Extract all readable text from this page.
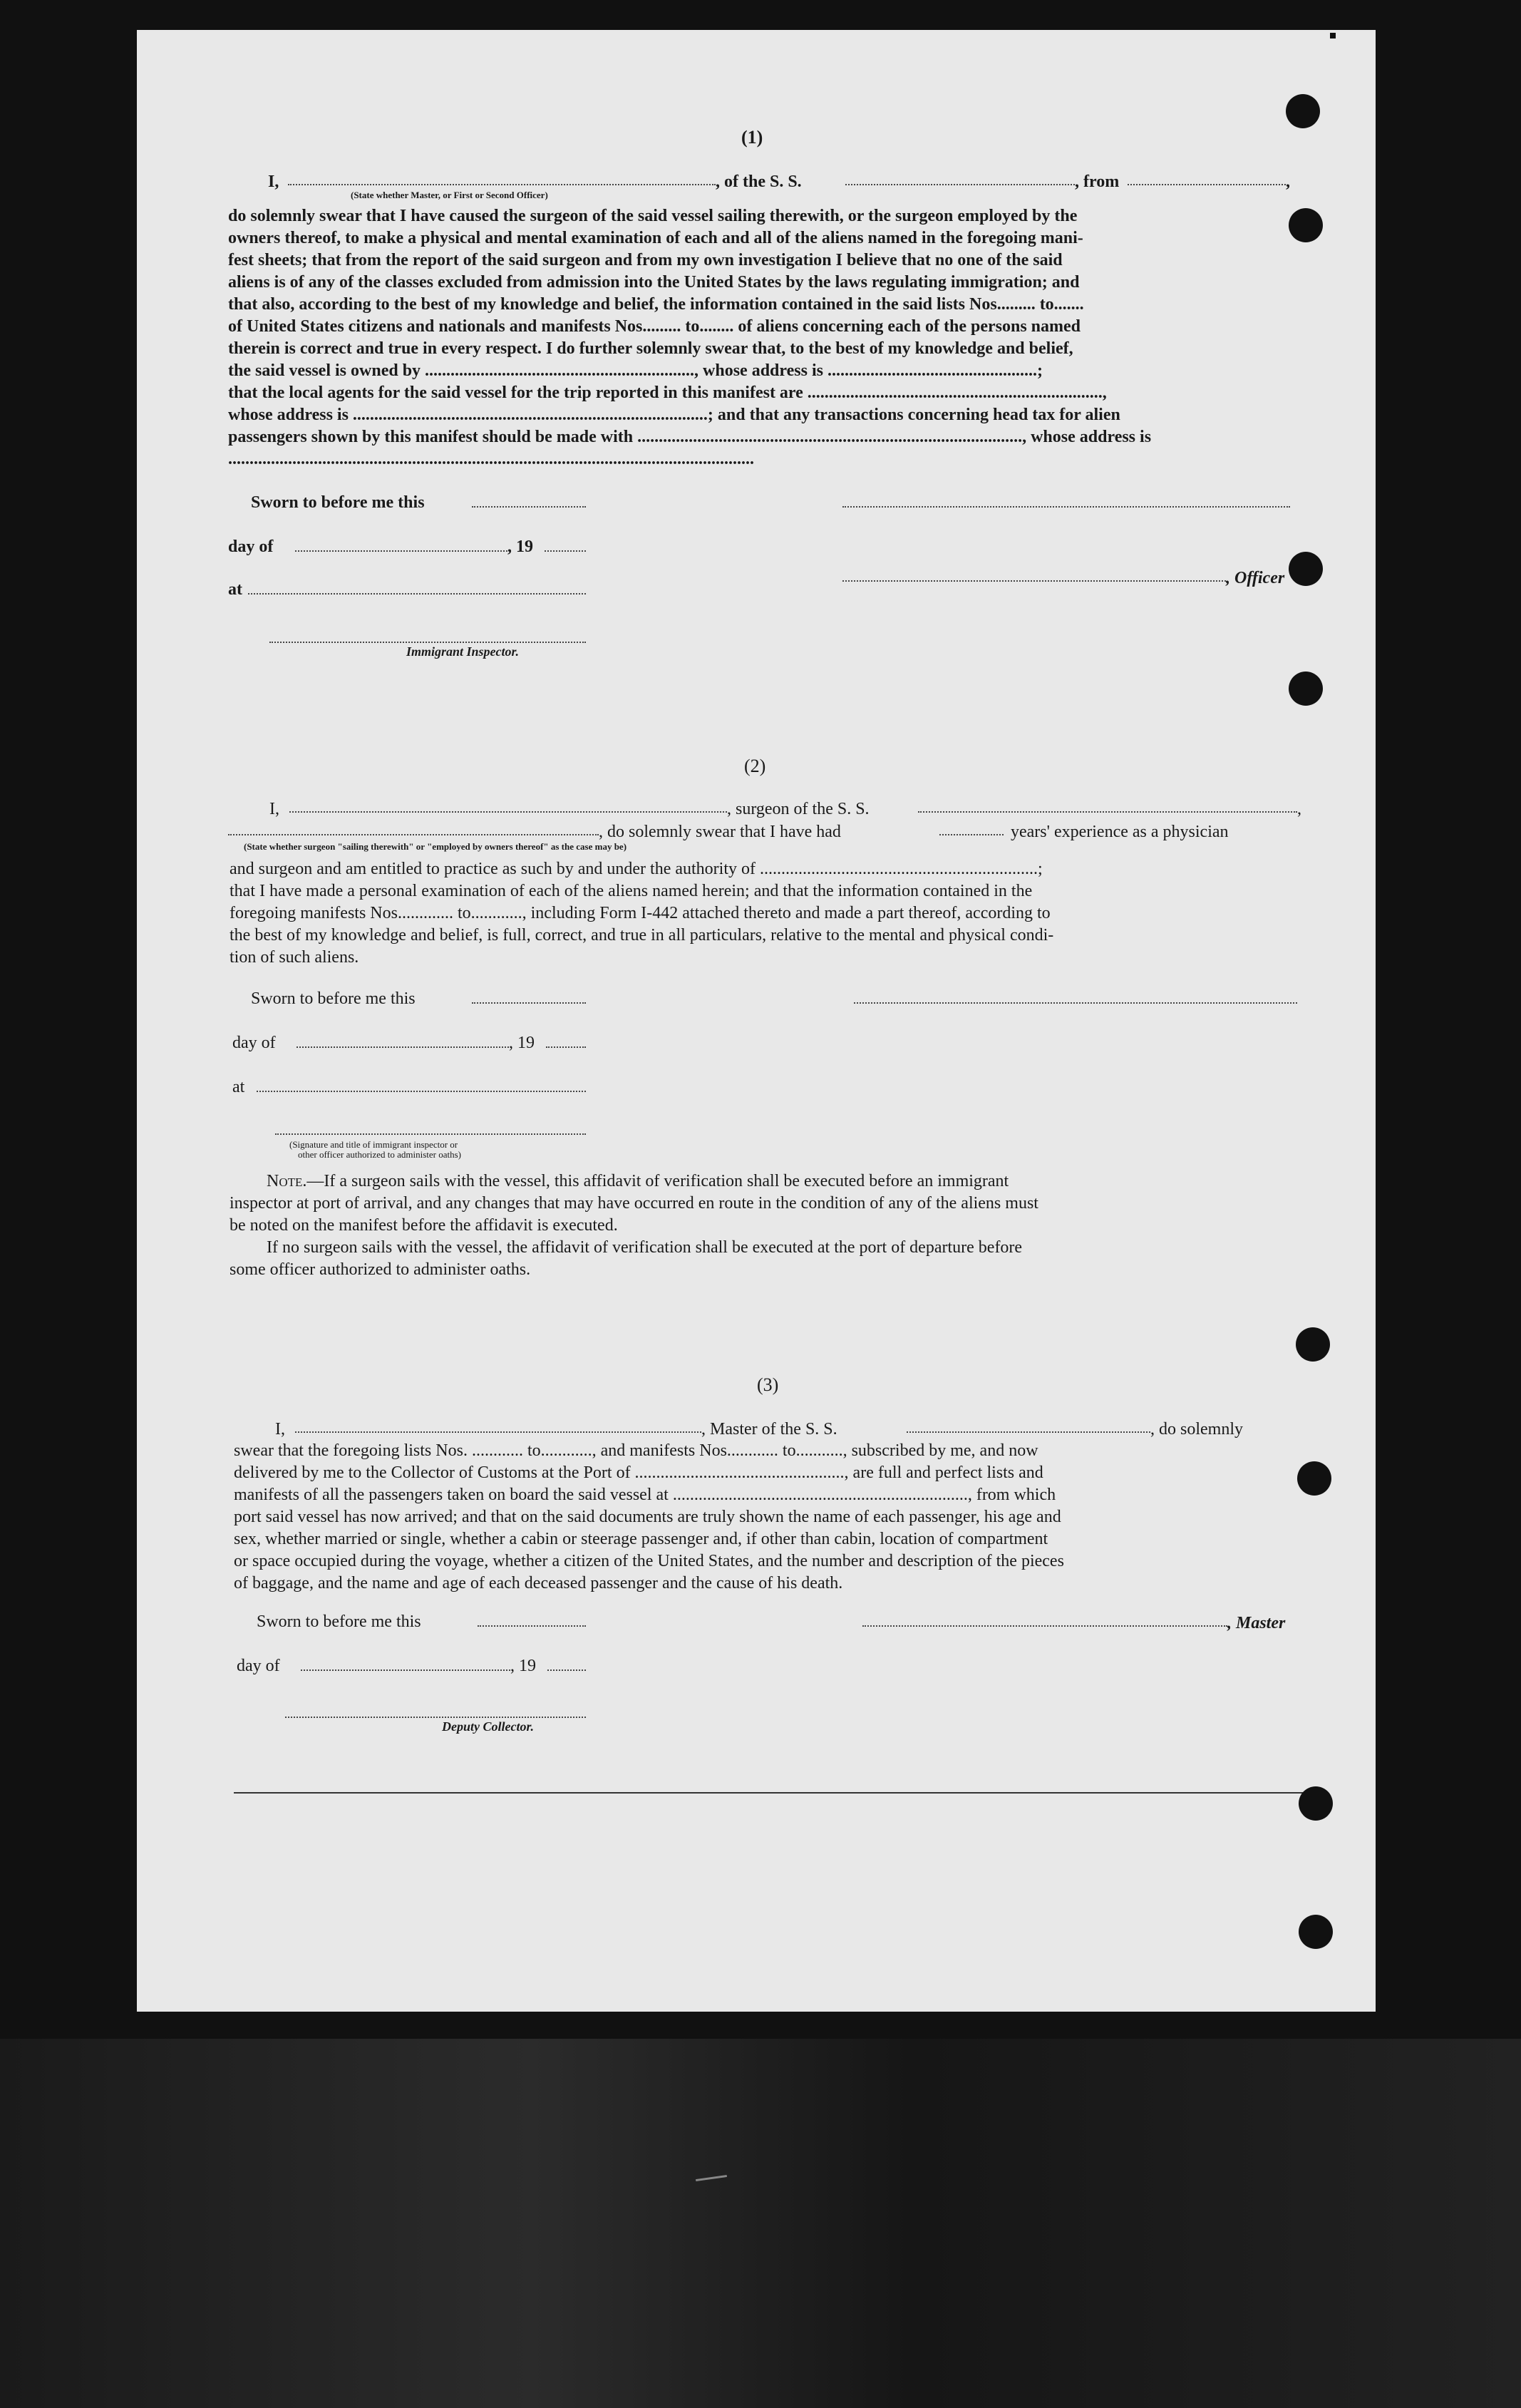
(1)
I,	, of the S. S.	, from	,
(State whether Master, or First or Second Officer)
do solemnly swear that I have caused the surgeon of the said vessel sailing therewith, or the surgeon employed by the
owners thereof, to make a physical and mental examination of each and all of the aliens named in the foregoing mani-
fest sheets; that from the report of the said surgeon and from my own investigation I believe that no one of the said
aliens is of any of the classes excluded from admission into the United States by the laws regulating immigration; and
that also, according to the best of my knowledge and belief, the information contained in the said lists Nos......... to.......
of United States citizens and nationals and manifests Nos......... to........ of aliens concerning each of the persons named
therein is correct and true in every respect. I do further solemnly swear that, to the best of my knowledge and belief,
the said vessel is owned by ..............................................................., whose address is .................................................;
that the local agents for the said vessel for the trip reported in this manifest are .....................................................................,
whose address is ...................................................................................; and that any transactions concerning head tax for alien
passengers shown by this manifest should be made with .........................................................................................., whose address is
...........................................................................................................................
Sworn to before me this
day of	, 19
, Officer
at
Immigrant Inspector.
(2)
I,	, surgeon of the S. S.	,
, do solemnly swear that I have had	years' experience as a physician
(State whether surgeon "sailing therewith" or "employed by owners thereof" as the case may be)
and surgeon and am entitled to practice as such by and under the authority of .................................................................;
that I have made a personal examination of each of the aliens named herein; and that the information contained in the
foregoing manifests Nos............. to............, including Form I-442 attached thereto and made a part thereof, according to
the best of my knowledge and belief, is full, correct, and true in all particulars, relative to the mental and physical condi-
tion of such aliens.
Sworn to before me this
day of	, 19
at
(Signature and title of immigrant inspector or
other officer authorized to administer oaths)
Note.—If a surgeon sails with the vessel, this affidavit of verification shall be executed before an immigrant
inspector at port of arrival, and any changes that may have occurred en route in the condition of any of the aliens must
be noted on the manifest before the affidavit is executed.
If no surgeon sails with the vessel, the affidavit of verification shall be executed at the port of departure before
some officer authorized to administer oaths.
(3)
I,	, Master of the S. S.	, do solemnly
swear that the foregoing lists Nos. ............ to............, and manifests Nos............ to..........., subscribed by me, and now
delivered by me to the Collector of Customs at the Port of ................................................., are full and perfect lists and
manifests of all the passengers taken on board the said vessel at ....................................................................., from which
port said vessel has now arrived; and that on the said documents are truly shown the name of each passenger, his age and
sex, whether married or single, whether a cabin or steerage passenger and, if other than cabin, location of compartment
or space occupied during the voyage, whether a citizen of the United States, and the number and description of the pieces
of baggage, and the name and age of each deceased passenger and the cause of his death.
Sworn to before me this	, Master
day of	, 19
Deputy Collector.
